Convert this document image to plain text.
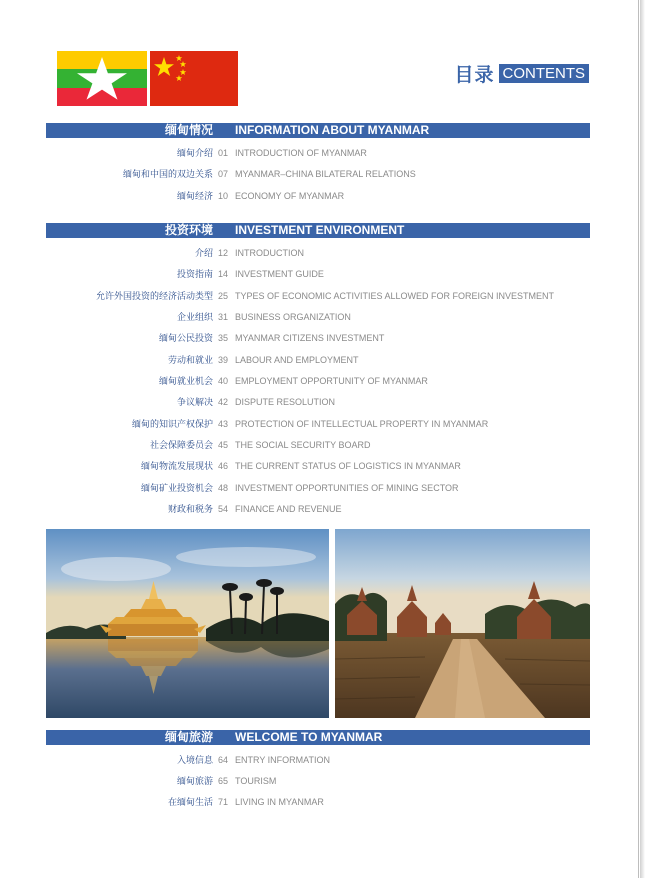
目录 CONTENTS
缅甸情况 INFORMATION ABOUT MYANMAR
缅甸介绍 01 INTRODUCTION OF MYANMAR
缅甸和中国的双边关系 07 MYANMAR–CHINA BILATERAL RELATIONS
缅甸经济 10 ECONOMY OF MYANMAR
投资环境 INVESTMENT ENVIRONMENT
介绍 12 INTRODUCTION
投资指南 14 INVESTMENT GUIDE
允许外国投资的经济活动类型 25 TYPES OF ECONOMIC ACTIVITIES ALLOWED FOR FOREIGN INVESTMENT
企业组织 31 BUSINESS ORGANIZATION
缅甸公民投资 35 MYANMAR CITIZENS INVESTMENT
劳动和就业 39 LABOUR AND EMPLOYMENT
缅甸就业机会 40 EMPLOYMENT OPPORTUNITY OF MYANMAR
争议解决 42 DISPUTE RESOLUTION
缅甸的知识产权保护 43 PROTECTION OF INTELLECTUAL PROPERTY IN MYANMAR
社会保障委员会 45 THE SOCIAL SECURITY BOARD
缅甸物流发展现状 46 THE CURRENT STATUS OF LOGISTICS IN MYANMAR
缅甸矿业投资机会 48 INVESTMENT OPPORTUNITIES OF MINING SECTOR
财政和税务 54 FINANCE AND REVENUE
缅甸旅游 WELCOME TO MYANMAR
入境信息 64 ENTRY INFORMATION
缅甸旅游 65 TOURISM
在缅甸生活 71 LIVING IN MYANMAR
